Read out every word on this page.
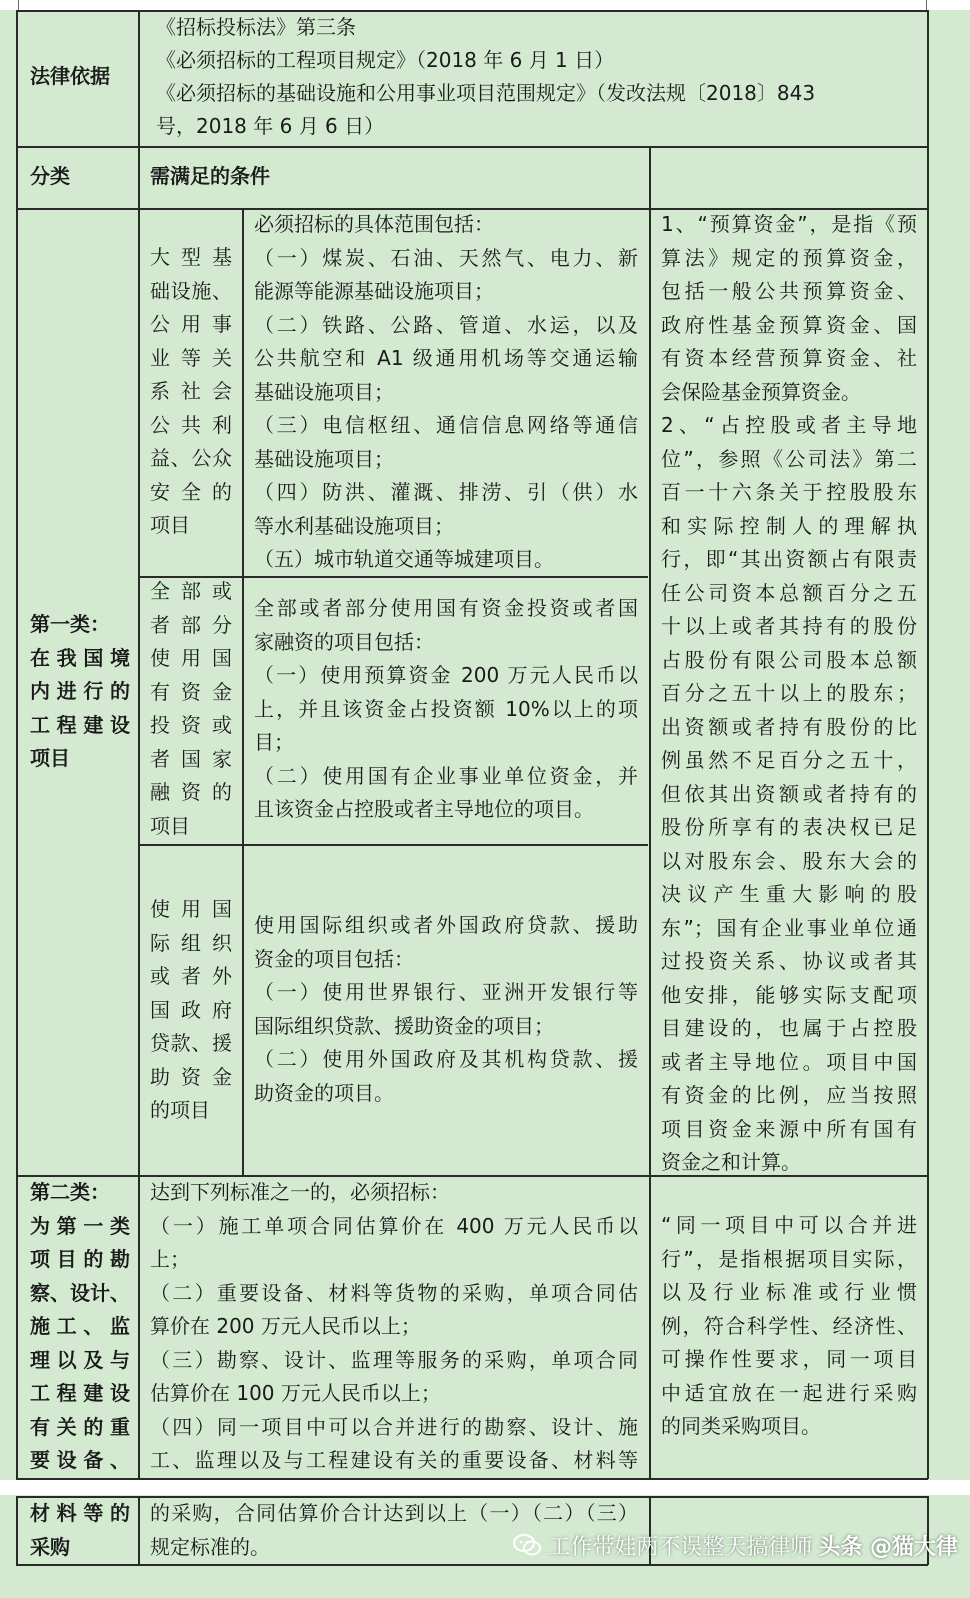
法律依据
《招标投标法》第三条
《必须招标的工程项目规定》（2018 年 6 月 1 日）
《必须招标的基础设施和公用事业项目范围规定》（发改法规〔2018〕843
号，2018 年 6 月 6 日）
分类	需满足的条件
第一类：
在我国境
内进行的
工程建设
项目
大型基
础设施、
公用事
业等关
系社会
公共利
益、公众
安全的
项目
必须招标的具体范围包括：
（一）煤炭、石油、天然气、电力、新
能源等能源基础设施项目；
（二）铁路、公路、管道、水运，以及
公共航空和 A1 级通用机场等交通运输
基础设施项目；
（三）电信枢纽、通信信息网络等通信
基础设施项目；
（四）防洪、灌溉、排涝、引（供）水
等水利基础设施项目；
（五）城市轨道交通等城建项目。
全部或
者部分
使用国
有资金
投资或
者国家
融资的
项目
全部或者部分使用国有资金投资或者国
家融资的项目包括：
（一）使用预算资金 200 万元人民币以
上，并且该资金占投资额 10%以上的项
目；
（二）使用国有企业事业单位资金，并
且该资金占控股或者主导地位的项目。
使用国
际组织
或者外
国政府
贷款、援
助资金
的项目
使用国际组织或者外国政府贷款、援助
资金的项目包括：
（一）使用世界银行、亚洲开发银行等
国际组织贷款、援助资金的项目；
（二）使用外国政府及其机构贷款、援
助资金的项目。
1、“预算资金”，是指《预
算法》规定的预算资金，
包括一般公共预算资金、
政府性基金预算资金、国
有资本经营预算资金、社
会保险基金预算资金。
2、“占控股或者主导地
位”，参照《公司法》第二
百一十六条关于控股股东
和实际控制人的理解执
行，即“其出资额占有限责
任公司资本总额百分之五
十以上或者其持有的股份
占股份有限公司股本总额
百分之五十以上的股东；
出资额或者持有股份的比
例虽然不足百分之五十，
但依其出资额或者持有的
股份所享有的表决权已足
以对股东会、股东大会的
决议产生重大影响的股
东”；国有企业事业单位通
过投资关系、协议或者其
他安排，能够实际支配项
目建设的，也属于占控股
或者主导地位。项目中国
有资金的比例，应当按照
项目资金来源中所有国有
资金之和计算。
第二类：
为第一类
项目的勘
察、设计、
施工、监
理以及与
工程建设
有关的重
要设备、
达到下列标准之一的，必须招标：
（一）施工单项合同估算价在 400 万元人民币以
上；
（二）重要设备、材料等货物的采购，单项合同估
算价在 200 万元人民币以上；
（三）勘察、设计、监理等服务的采购，单项合同
估算价在 100 万元人民币以上；
（四）同一项目中可以合并进行的勘察、设计、施
工、监理以及与工程建设有关的重要设备、材料等
“同一项目中可以合并进
行”，是指根据项目实际，
以及行业标准或行业惯
例，符合科学性、经济性、
可操作性要求，同一项目
中适宜放在一起进行采购
的同类采购项目。
材料等的
采购
的采购，合同估算价合计达到以上（一）（二）（三）
规定标准的。	工作带娃两不误整天搞律师 头条 @猫大律
